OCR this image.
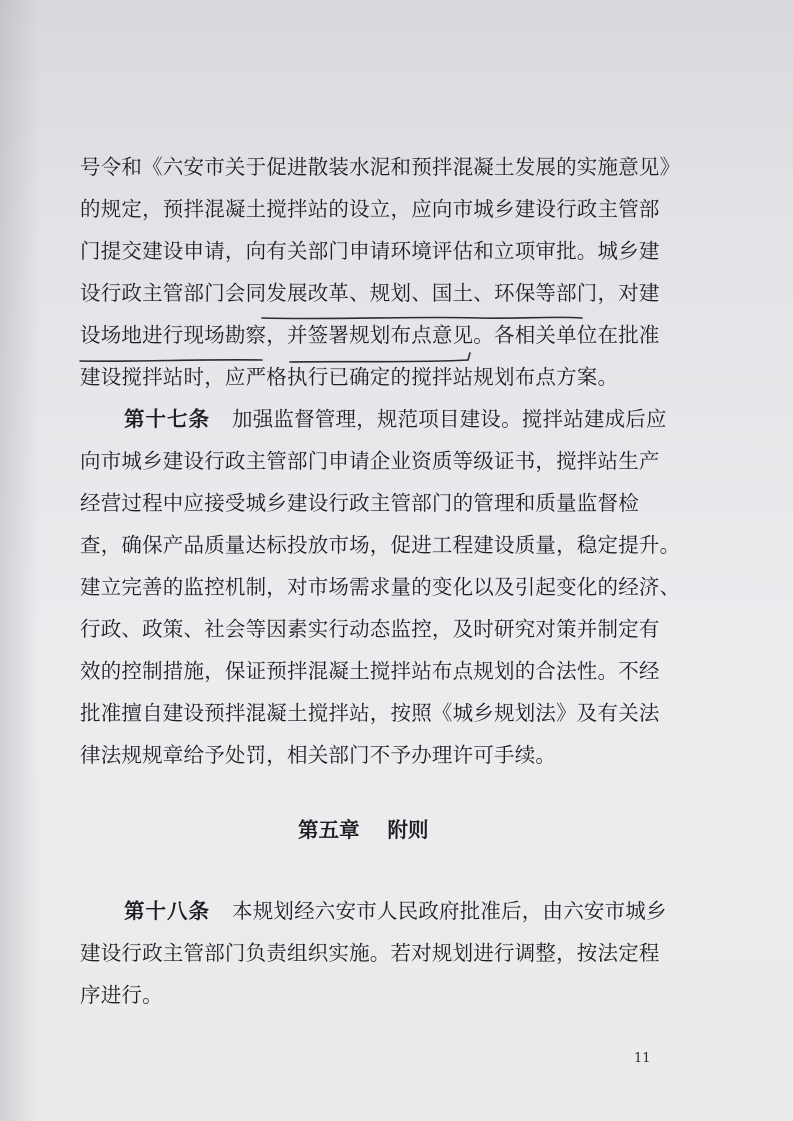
号令和《六安市关于促进散装水泥和预拌混凝土发展的实施意见》
的规定，预拌混凝土搅拌站的设立，应向市城乡建设行政主管部
门提交建设申请，向有关部门申请环境评估和立项审批。城乡建
设行政主管部门会同发展改革、规划、国土、环保等部门，对建
设场地进行现场勘察，并签署规划布点意见。各相关单位在批准
建设搅拌站时，应严格执行已确定的搅拌站规划布点方案。
第十七条 加强监督管理，规范项目建设。搅拌站建成后应
向市城乡建设行政主管部门申请企业资质等级证书，搅拌站生产
经营过程中应接受城乡建设行政主管部门的管理和质量监督检
查，确保产品质量达标投放市场，促进工程建设质量，稳定提升。
建立完善的监控机制，对市场需求量的变化以及引起变化的经济、
行政、政策、社会等因素实行动态监控，及时研究对策并制定有
效的控制措施，保证预拌混凝土搅拌站布点规划的合法性。不经
批准擅自建设预拌混凝土搅拌站，按照《城乡规划法》及有关法
律法规规章给予处罚，相关部门不予办理许可手续。
第十八条 本规划经六安市人民政府批准后，由六安市城乡
建设行政主管部门负责组织实施。若对规划进行调整，按法定程
序进行。
第五章 附则
11
